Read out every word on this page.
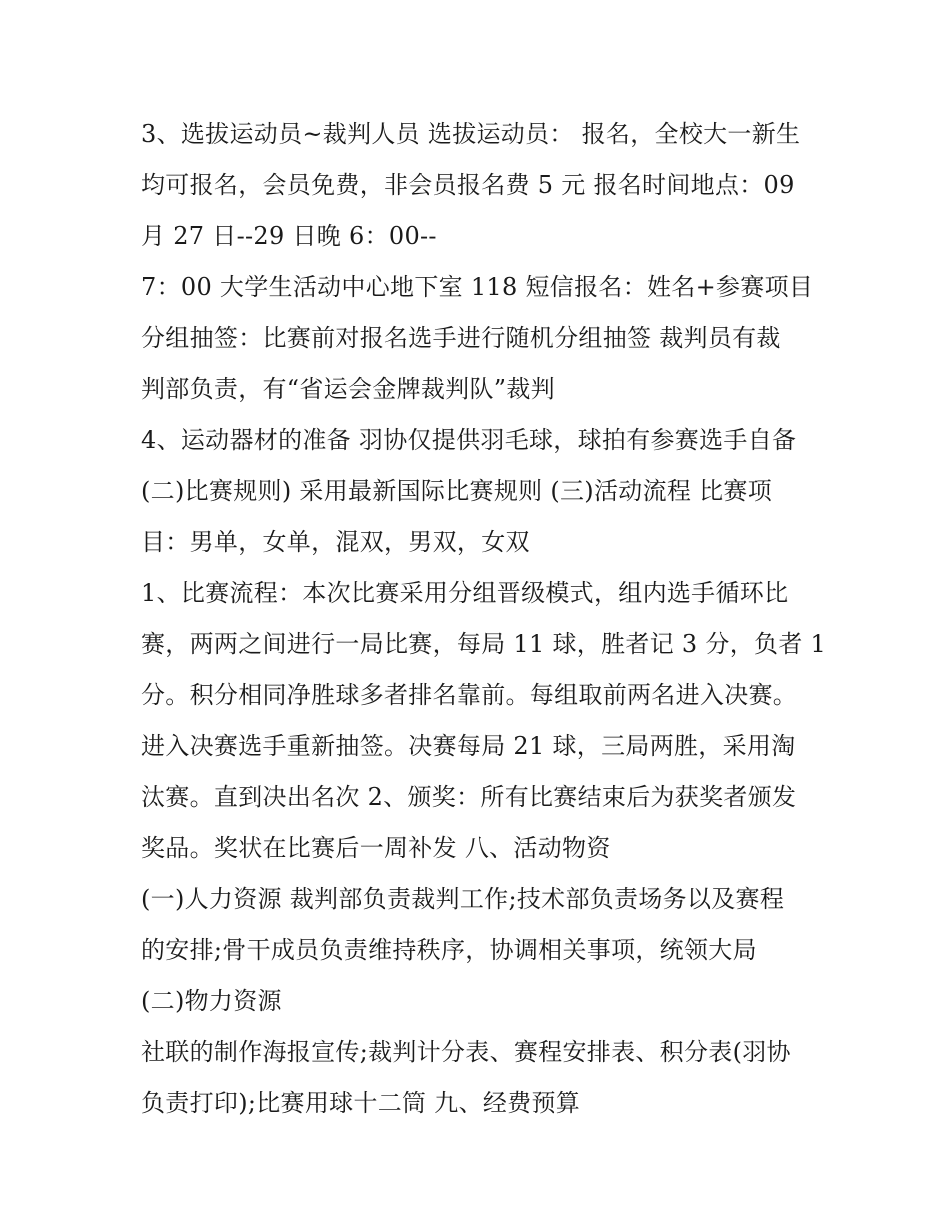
3、选拔运动员~裁判人员 选拔运动员： 报名，全校大一新生
均可报名，会员免费，非会员报名费 5 元 报名时间地点：09
月 27 日--29 日晚 6：00--
7：00 大学生活动中心地下室 118 短信报名：姓名+参赛项目
分组抽签：比赛前对报名选手进行随机分组抽签 裁判员有裁
判部负责，有“省运会金牌裁判队”裁判
4、运动器材的准备 羽协仅提供羽毛球，球拍有参赛选手自备
(二)比赛规则) 采用最新国际比赛规则 (三)活动流程 比赛项
目：男单，女单，混双，男双，女双
1、比赛流程：本次比赛采用分组晋级模式，组内选手循环比
赛，两两之间进行一局比赛，每局 11 球，胜者记 3 分，负者 1
分。积分相同净胜球多者排名靠前。每组取前两名进入决赛。
进入决赛选手重新抽签。决赛每局 21 球，三局两胜，采用淘
汰赛。直到决出名次 2、颁奖：所有比赛结束后为获奖者颁发
奖品。奖状在比赛后一周补发 八、活动物资
(一)人力资源 裁判部负责裁判工作;技术部负责场务以及赛程
的安排;骨干成员负责维持秩序，协调相关事项，统领大局
(二)物力资源
社联的制作海报宣传;裁判计分表、赛程安排表、积分表(羽协
负责打印);比赛用球十二筒 九、经费预算
